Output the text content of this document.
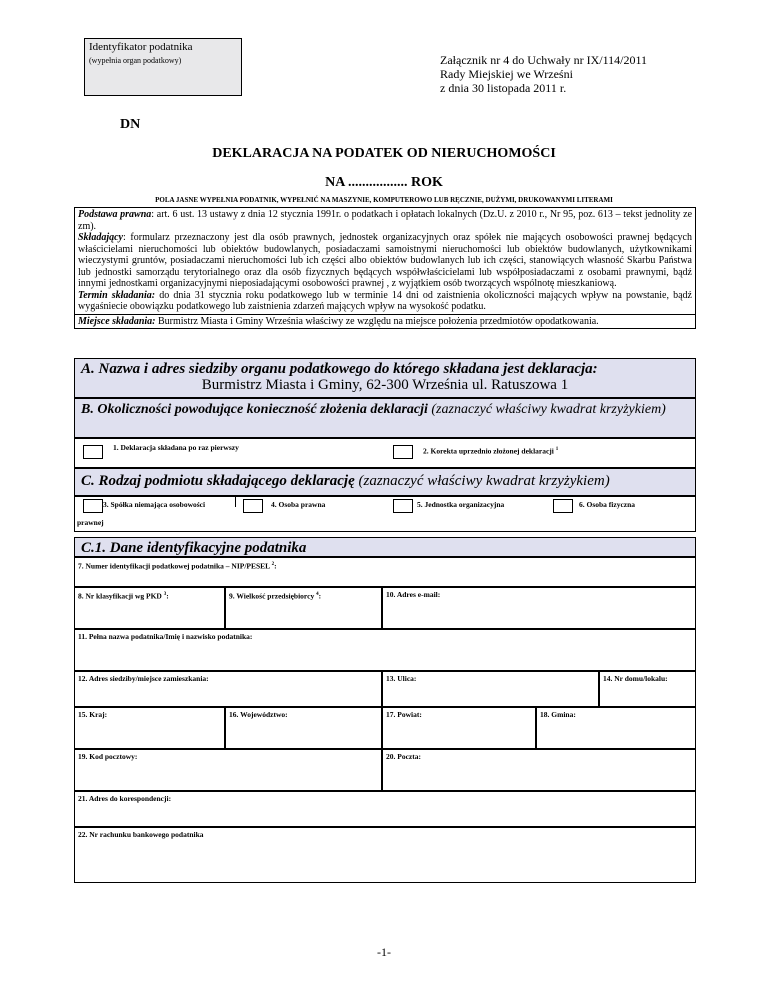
Identyfikator podatnika
(wypełnia organ podatkowy)	Załącznik nr 4 do Uchwały nr IX/114/2011
Rady Miejskiej we Wrześni
z dnia 30 listopada 2011 r.
DN
DEKLARACJA NA PODATEK OD NIERUCHOMOŚCI
NA ................. ROK
POLA JASNE WYPEŁNIA PODATNIK, WYPEŁNIĆ NA MASZYNIE, KOMPUTEROWO LUB RĘCZNIE, DUŻYMI, DRUKOWANYMI LITERAMI
Podstawa prawna: art. 6 ust. 13 ustawy z dnia 12 stycznia 1991r. o podatkach i opłatach lokalnych (Dz.U. z 2010 r., Nr 95, poz. 613 – tekst jednolity ze zm).
Składający: formularz przeznaczony jest dla osób prawnych, jednostek organizacyjnych oraz spółek nie mających osobowości prawnej będących właścicielami nieruchomości lub obiektów budowlanych, posiadaczami samoistnymi nieruchomości lub obiektów budowlanych, użytkownikami wieczystymi gruntów, posiadaczami nieruchomości lub ich części albo obiektów budowlanych lub ich części, stanowiących własność Skarbu Państwa lub jednostki samorządu terytorialnego oraz dla osób fizycznych będących współwłaścicielami lub współposiadaczami z osobami prawnymi, bądź innymi jednostkami organizacyjnymi nieposiadającymi osobowości prawnej , z wyjątkiem osób tworzących wspólnotę mieszkaniową.
Termin składania: do dnia 31 stycznia roku podatkowego lub w terminie 14 dni od zaistnienia okoliczności mających wpływ na powstanie, bądź wygaśniecie obowiązku podatkowego lub zaistnienia zdarzeń mających wpływ na wysokość podatku.
Miejsce składania: Burmistrz Miasta i Gminy Września właściwy ze względu na miejsce położenia przedmiotów opodatkowania.
A. Nazwa i adres siedziby organu podatkowego do którego składana jest deklaracja:
Burmistrz Miasta i Gminy, 62-300 Września ul. Ratuszowa 1
B. Okoliczności powodujące konieczność złożenia deklaracji (zaznaczyć właściwy kwadrat krzyżykiem)
1. Deklaracja składana po raz pierwszy	2. Korekta uprzednio złożonej deklaracji $^1$
C. Rodzaj podmiotu składającego deklarację (zaznaczyć właściwy kwadrat krzyżykiem)
3. Spółka niemająca osobowości
prawnej
4. Osoba prawna	5. Jednostka organizacyjna	6. Osoba fizyczna
C.1. Dane identyfikacyjne podatnika
7. Numer identyfikacji podatkowej podatnika – NIP/PESEL $^2$:
8. Nr klasyfikacji wg PKD $^3$:	9. Wielkość przedsiębiorcy $^4$:	10. Adres e-mail:
11. Pełna nazwa podatnika/Imię i nazwisko podatnika:
12. Adres siedziby/miejsce zamieszkania:	13. Ulica:	14. Nr domu/lokalu:
15. Kraj:	16. Województwo:	17. Powiat:	18. Gmina:
19. Kod pocztowy:	20. Poczta:
21. Adres do korespondencji:
22. Nr rachunku bankowego podatnika
-1-
